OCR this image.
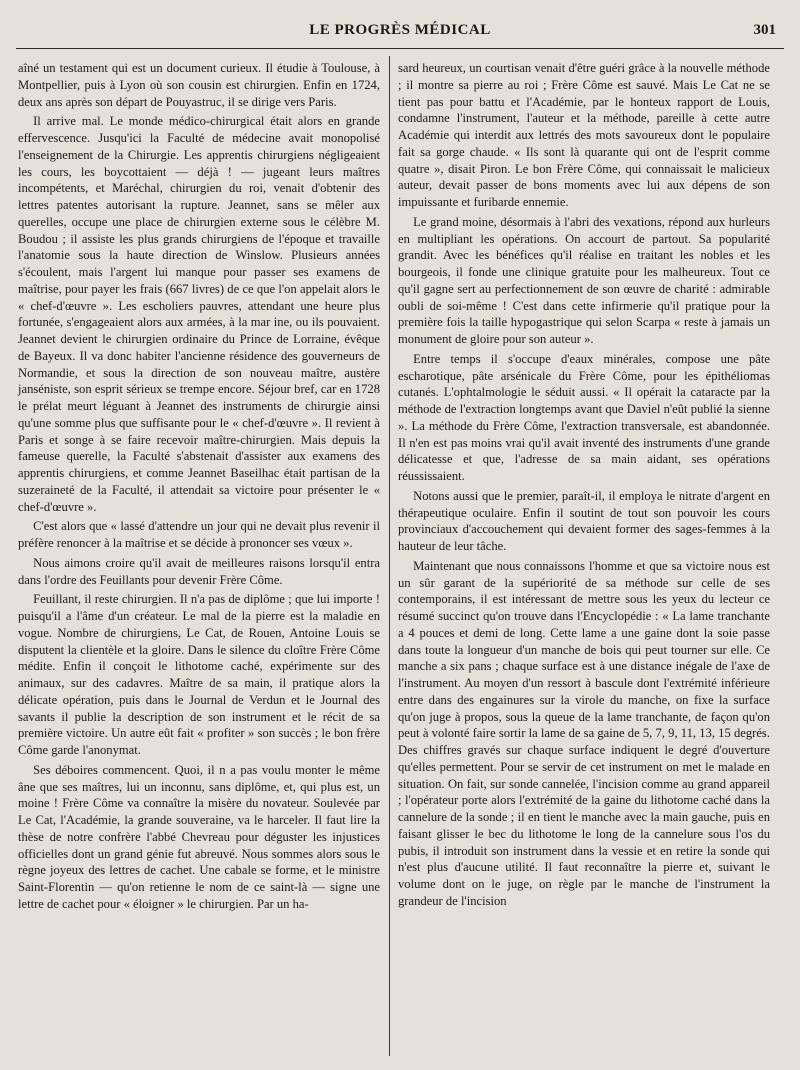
LE PROGRÈS MÉDICAL	301

aîné un testament qui est un document curieux. Il étudie à Toulouse, à Montpellier, puis à Lyon où son cousin est chirurgien. Enfin en 1724, deux ans après son départ de Pouyastruc, il se dirige vers Paris.

Il arrive mal. Le monde médico-chirurgical était alors en grande effervescence. Jusqu'ici la Faculté de médecine avait monopolisé l'enseignement de la Chirurgie. Les apprentis chirurgiens négligeaient les cours, les boycottaient — déjà ! — jugeant leurs maîtres incompétents, et Maréchal, chirurgien du roi, venait d'obtenir des lettres patentes autorisant la rupture. Jeannet, sans se mêler aux querelles, occupe une place de chirurgien externe sous le célèbre M. Boudou ; il assiste les plus grands chirurgiens de l'époque et travaille l'anatomie sous la haute direction de Winslow. Plusieurs années s'écoulent, mais l'argent lui manque pour passer ses examens de maîtrise, pour payer les frais (667 livres) de ce que l'on appelait alors le « chef-d'œuvre ». Les escholiers pauvres, attendant une heure plus fortunée, s'engageaient alors aux armées, à la mar ine, ou ils pouvaient. Jeannet devient le chirurgien ordinaire du Prince de Lorraine, évêque de Bayeux. Il va donc habiter l'ancienne résidence des gouverneurs de Normandie, et sous la direction de son nouveau maître, austère janséniste, son esprit sérieux se trempe encore. Séjour bref, car en 1728 le prélat meurt léguant à Jeannet des instruments de chirurgie ainsi qu'une somme plus que suffisante pour le « chef-d'œuvre ». Il revient à Paris et songe à se faire recevoir maître-chirurgien. Mais depuis la fameuse querelle, la Faculté s'abstenait d'assister aux examens des apprentis chirurgiens, et comme Jeannet Baseilhac était partisan de la suzeraineté de la Faculté, il attendait sa victoire pour présenter le « chef-d'œuvre ».

C'est alors que « lassé d'attendre un jour qui ne devait plus revenir il préfère renoncer à la maîtrise et se décide à prononcer ses vœux ».

Nous aimons croire qu'il avait de meilleures raisons lorsqu'il entra dans l'ordre des Feuillants pour devenir Frère Côme.

Feuillant, il reste chirurgien. Il n'a pas de diplôme ; que lui importe ! puisqu'il a l'âme d'un créateur. Le mal de la pierre est la maladie en vogue. Nombre de chirurgiens, Le Cat, de Rouen, Antoine Louis se disputent la clientèle et la gloire. Dans le silence du cloître Frère Côme médite. Enfin il conçoit le lithotome caché, expérimente sur des animaux, sur des cadavres. Maître de sa main, il pratique alors la délicate opération, puis dans le Journal de Verdun et le Journal des savants il publie la description de son instrument et le récit de sa première victoire. Un autre eût fait « profiter » son succès ; le bon frère Côme garde l'anonymat.

Ses déboires commencent. Quoi, il n a pas voulu monter le même âne que ses maîtres, lui un inconnu, sans diplôme, et, qui plus est, un moine ! Frère Côme va connaître la misère du novateur. Soulevée par Le Cat, l'Académie, la grande souveraine, va le harceler. Il faut lire la thèse de notre confrère l'abbé Chevreau pour déguster les injustices officielles dont un grand génie fut abreuvé. Nous sommes alors sous le règne joyeux des lettres de cachet. Une cabale se forme, et le ministre Saint-Florentin — qu'on retienne le nom de ce saint-là — signe une lettre de cachet pour « éloigner » le chirurgien. Par un ha-

sard heureux, un courtisan venait d'être guéri grâce à la nouvelle méthode ; il montre sa pierre au roi ; Frère Côme est sauvé. Mais Le Cat ne se tient pas pour battu et l'Académie, par le honteux rapport de Louis, condamne l'instrument, l'auteur et la méthode, pareille à cette autre Académie qui interdit aux lettrés des mots savoureux dont le populaire fait sa gorge chaude. « Ils sont là quarante qui ont de l'esprit comme quatre », disait Piron. Le bon Frère Côme, qui connaissait le malicieux auteur, devait passer de bons moments avec lui aux dépens de son impuissante et furibarde ennemie.

Le grand moine, désormais à l'abri des vexations, répond aux hurleurs en multipliant les opérations. On accourt de partout. Sa popularité grandit. Avec les bénéfices qu'il réalise en traitant les nobles et les bourgeois, il fonde une clinique gratuite pour les malheureux. Tout ce qu'il gagne sert au perfectionnement de son œuvre de charité : admirable oubli de soi-même ! C'est dans cette infirmerie qu'il pratique pour la première fois la taille hypogastrique qui selon Scarpa « reste à jamais un monument de gloire pour son auteur ».

Entre temps il s'occupe d'eaux minérales, compose une pâte escharotique, pâte arsénicale du Frère Côme, pour les épithéliomas cutanés. L'ophtalmologie le séduit aussi. « Il opérait la cataracte par la méthode de l'extraction longtemps avant que Daviel n'eût publié la sienne ». La méthode du Frère Côme, l'extraction transversale, est abandonnée. Il n'en est pas moins vrai qu'il avait inventé des instruments d'une grande délicatesse et que, l'adresse de sa main aidant, ses opérations réussissaient.

Notons aussi que le premier, paraît-il, il employa le nitrate d'argent en thérapeutique oculaire. Enfin il soutint de tout son pouvoir les cours provinciaux d'accouchement qui devaient former des sages-femmes à la hauteur de leur tâche.

Maintenant que nous connaissons l'homme et que sa victoire nous est un sûr garant de la supériorité de sa méthode sur celle de ses contemporains, il est intéressant de mettre sous les yeux du lecteur ce résumé succinct qu'on trouve dans l'Encyclopédie : « La lame tranchante a 4 pouces et demi de long. Cette lame a une gaine dont la soie passe dans toute la longueur d'un manche de bois qui peut tourner sur elle. Ce manche a six pans ; chaque surface est à une distance inégale de l'axe de l'instrument. Au moyen d'un ressort à bascule dont l'extrémité inférieure entre dans des engainures sur la virole du manche, on fixe la surface qu'on juge à propos, sous la queue de la lame tranchante, de façon qu'on peut à volonté faire sortir la lame de sa gaine de 5, 7, 9, 11, 13, 15 degrés. Des chiffres gravés sur chaque surface indiquent le degré d'ouverture qu'elles permettent. Pour se servir de cet instrument on met le malade en situation. On fait, sur sonde cannelée, l'incision comme au grand appareil ; l'opérateur porte alors l'extrémité de la gaine du lithotome caché dans la cannelure de la sonde ; il en tient le manche avec la main gauche, puis en faisant glisser le bec du lithotome le long de la cannelure sous l'os du pubis, il introduit son instrument dans la vessie et en retire la sonde qui n'est plus d'aucune utilité. Il faut reconnaître la pierre et, suivant le volume dont on le juge, on règle par le manche de l'instrument la grandeur de l'incision
